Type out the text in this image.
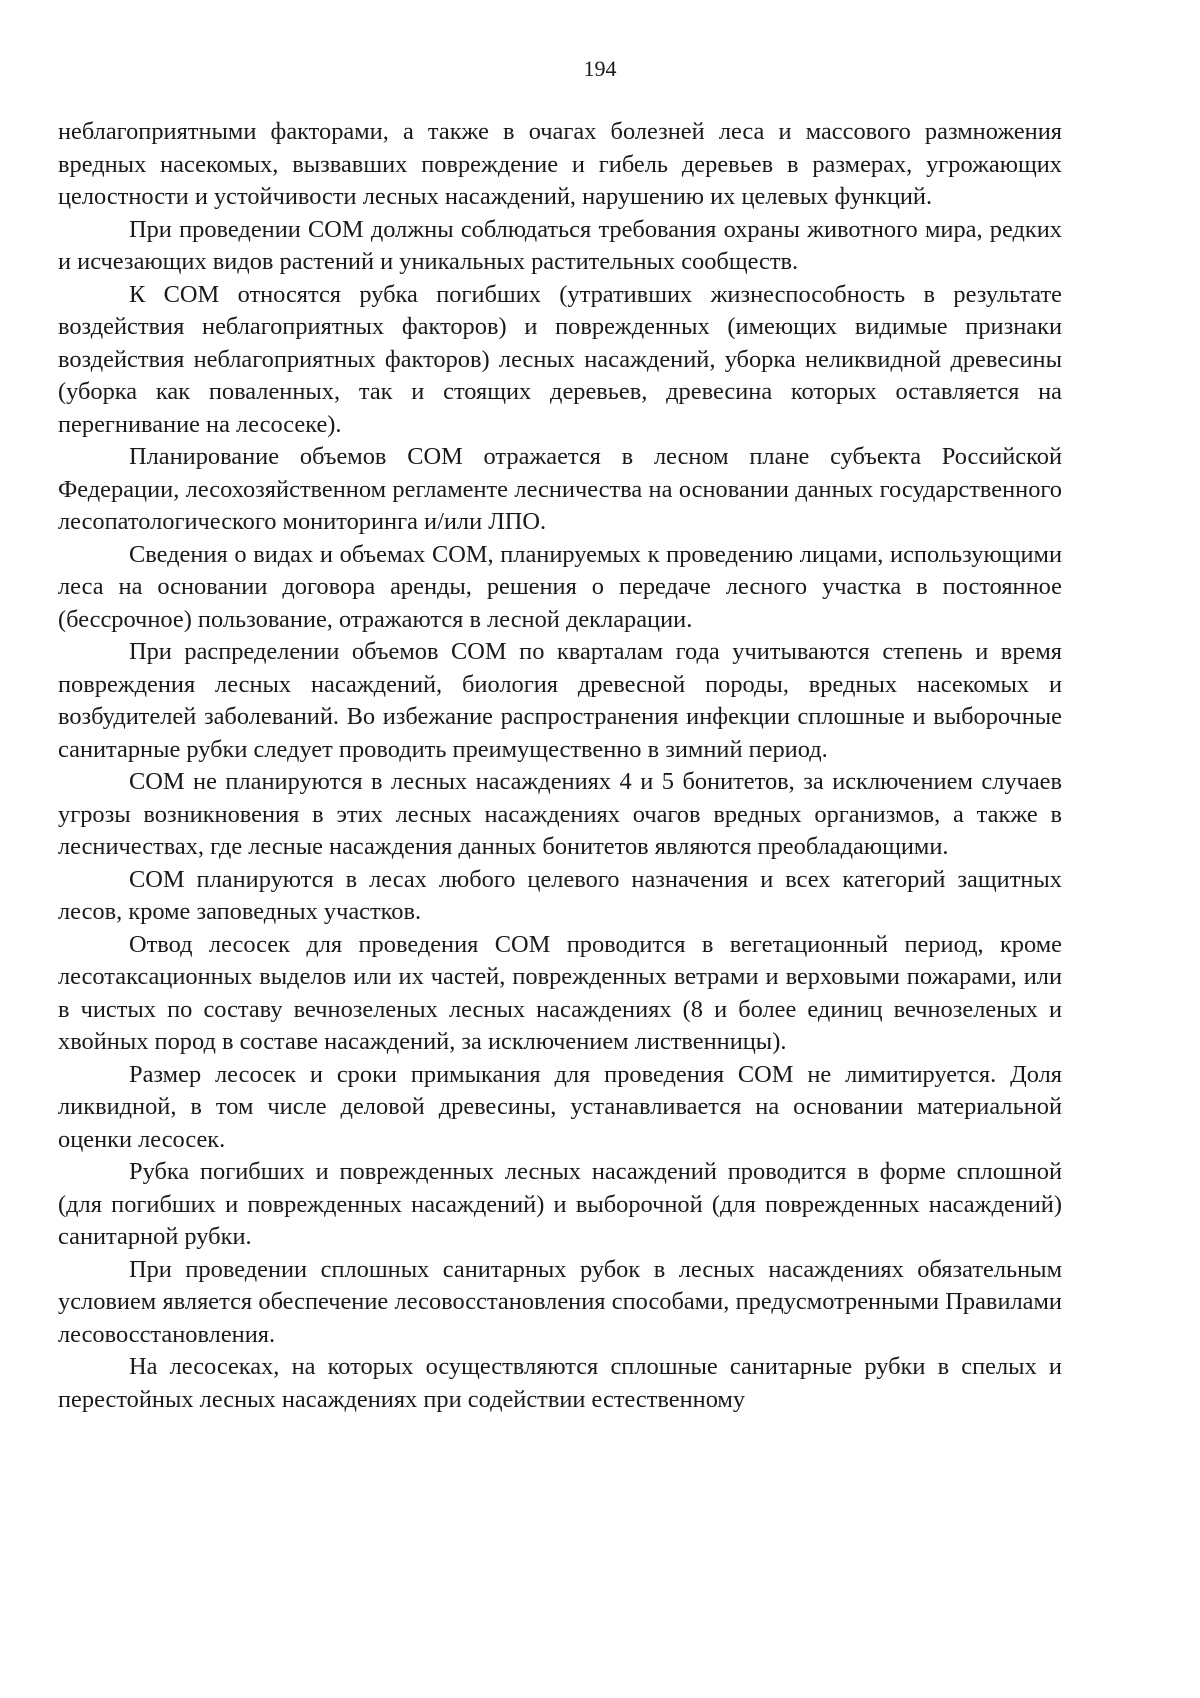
194

неблагоприятными факторами, а также в очагах болезней леса и массового размножения вредных насекомых, вызвавших повреждение и гибель деревьев в размерах, угрожающих целостности и устойчивости лесных насаждений, нарушению их целевых функций.

При проведении СОМ должны соблюдаться требования охраны животного мира, редких и исчезающих видов растений и уникальных растительных сообществ.

К СОМ относятся рубка погибших (утративших жизнеспособность в результате воздействия неблагоприятных факторов) и поврежденных (имеющих видимые признаки воздействия неблагоприятных факторов) лесных насаждений, уборка неликвидной древесины (уборка как поваленных, так и стоящих деревьев, древесина которых оставляется на перегнивание на лесосеке).

Планирование объемов СОМ отражается в лесном плане субъекта Российской Федерации, лесохозяйственном регламенте лесничества на основании данных государственного лесопатологического мониторинга и/или ЛПО.

Сведения о видах и объемах СОМ, планируемых к проведению лицами, использующими леса на основании договора аренды, решения о передаче лесного участка в постоянное (бессрочное) пользование, отражаются в лесной декларации.

При распределении объемов СОМ по кварталам года учитываются степень и время повреждения лесных насаждений, биология древесной породы, вредных насекомых и возбудителей заболеваний. Во избежание распространения инфекции сплошные и выборочные санитарные рубки следует проводить преимущественно в зимний период.

СОМ не планируются в лесных насаждениях 4 и 5 бонитетов, за исключением случаев угрозы возникновения в этих лесных насаждениях очагов вредных организмов, а также в лесничествах, где лесные насаждения данных бонитетов являются преобладающими.

СОМ планируются в лесах любого целевого назначения и всех категорий защитных лесов, кроме заповедных участков.

Отвод лесосек для проведения СОМ проводится в вегетационный период, кроме лесотаксационных выделов или их частей, поврежденных ветрами и верховыми пожарами, или в чистых по составу вечнозеленых лесных насаждениях (8 и более единиц вечнозеленых и хвойных пород в составе насаждений, за исключением лиственницы).

Размер лесосек и сроки примыкания для проведения СОМ не лимитируется. Доля ликвидной, в том числе деловой древесины, устанавливается на основании материальной оценки лесосек.

Рубка погибших и поврежденных лесных насаждений проводится в форме сплошной (для погибших и поврежденных насаждений) и выборочной (для поврежденных насаждений) санитарной рубки.

При проведении сплошных санитарных рубок в лесных насаждениях обязательным условием является обеспечение лесовосстановления способами, предусмотренными Правилами лесовосстановления.

На лесосеках, на которых осуществляются сплошные санитарные рубки в спелых и перестойных лесных насаждениях при содействии естественному
